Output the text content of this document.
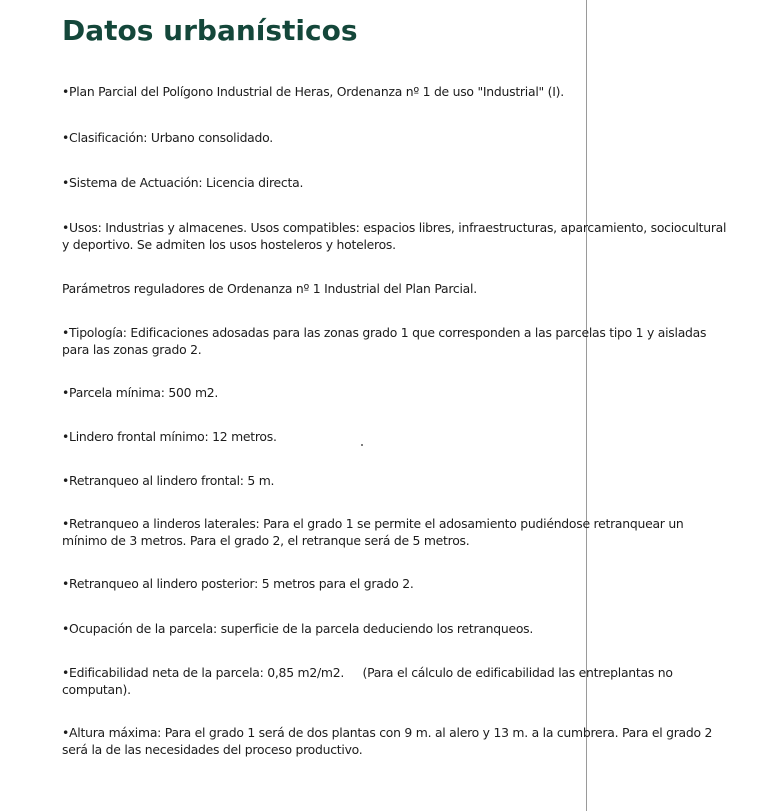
Datos urbanísticos

•Plan Parcial del Polígono Industrial de Heras, Ordenanza nº 1 de uso "Industrial" (I).

•Clasificación: Urbano consolidado.

•Sistema de Actuación: Licencia directa.

•Usos: Industrias y almacenes. Usos compatibles: espacios libres, infraestructuras, aparcamiento, sociocultural y deportivo. Se admiten los usos hosteleros y hoteleros.

Parámetros reguladores de Ordenanza nº 1 Industrial del Plan Parcial.

•Tipología: Edificaciones adosadas para las zonas grado 1 que corresponden a las parcelas tipo 1 y aisladas para las zonas grado 2.

•Parcela mínima: 500 m2.

•Lindero frontal mínimo: 12 metros.

•Retranqueo al lindero frontal: 5 m.

•Retranqueo a linderos laterales: Para el grado 1 se permite el adosamiento pudiéndose retranquear un mínimo de 3 metros. Para el grado 2, el retranque será de 5 metros.

•Retranqueo al lindero posterior: 5 metros para el grado 2.

•Ocupación de la parcela: superficie de la parcela deduciendo los retranqueos.

•Edificabilidad neta de la parcela: 0,85 m2/m2.     (Para el cálculo de edificabilidad las entreplantas no computan).

•Altura máxima: Para el grado 1 será de dos plantas con 9 m. al alero y 13 m. a la cumbrera. Para el grado 2 será la de las necesidades del proceso productivo.
